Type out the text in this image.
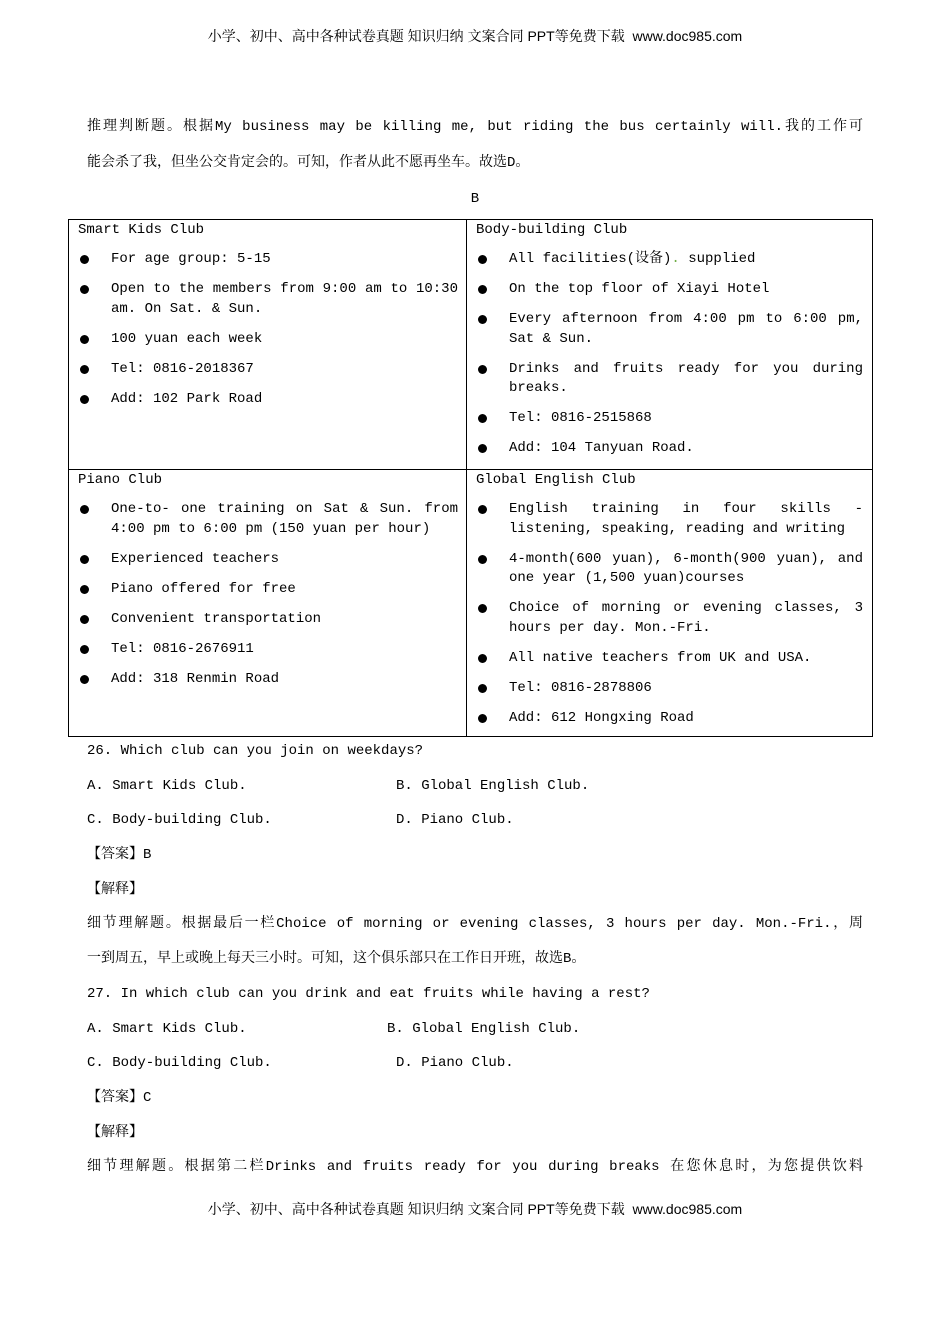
小学、初中、高中各种试卷真题 知识归纳 文案合同 PPT等免费下载  www.doc985.com
推理判断题。根据My business may be killing me, but riding the bus certainly will.我的工作可
能会杀了我，但坐公交肯定会的。可知，作者从此不愿再坐车。故选D。
B
Smart Kids Club
For age group: 5-15
Open to the members from 9:00 am to 10:30 am. On Sat. & Sun.
100 yuan each week
Tel: 0816-2018367
Add: 102 Park Road
Body-building Club
All facilities(设备). supplied
On the top floor of Xiayi Hotel
Every afternoon from 4:00 pm to 6:00 pm, Sat & Sun.
Drinks and fruits ready for you during breaks.
Tel: 0816-2515868
Add: 104 Tanyuan Road.
Piano Club
One-to- one training on Sat & Sun. from 4:00 pm to 6:00 pm (150 yuan per hour)
Experienced teachers
Piano offered for free
Convenient transportation
Tel: 0816-2676911
Add: 318 Renmin Road
Global English Club
English training in four skills - listening, speaking, reading and writing
4-month(600 yuan), 6-month(900 yuan), and one year (1,500 yuan)courses
Choice of morning or evening classes, 3 hours per day. Mon.-Fri.
All native teachers from UK and USA.
Tel: 0816-2878806
Add: 612 Hongxing Road
26. Which club can you join on weekdays?
A. Smart Kids Club.	B. Global English Club.
C. Body-building Club.	D. Piano Club.
【答案】B
【解释】
细节理解题。根据最后一栏Choice of morning or evening classes, 3 hours per day. Mon.-Fri.，周
一到周五，早上或晚上每天三小时。可知，这个俱乐部只在工作日开班，故选B。
27. In which club can you drink and eat fruits while having a rest?
A. Smart Kids Club.	B. Global English Club.
C. Body-building Club.	D. Piano Club.
【答案】C
【解释】
细节理解题。根据第二栏Drinks and fruits ready for you during breaks 在您休息时，为您提供饮料
小学、初中、高中各种试卷真题 知识归纳 文案合同 PPT等免费下载  www.doc985.com
